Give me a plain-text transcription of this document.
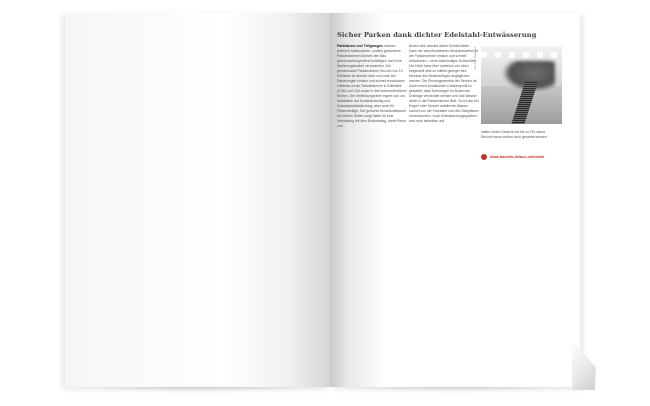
Sicher Parken dank dichter Edelstahl-Entwässerung

Parkhäuser und Tiefgaragen müssen jederzeit funktionieren; undicht gewordene Parkdeckrinnen können den Bau geschossübergreifend schädigen und hohe Sanierungskosten verursachen. Die gemeinsame Parkdeckrinne Securin von 10 Edelstahl ist absolut dicht und auch bei Sanierungen einfach und schnell einzubauen. Lieferbar ist die Parkdeckrinne in Edelstahl (CrNi) und V4A sowie in drei unterschiedlichen Breiten. Die Verbindungsrinne eignet sich zur Installation auf Kunstharzbelag und Gussasphaltabdichtung, aber auch für Fliesenbeläge. Der gelochte Anschlussflansch auf beiden Seiten sorgt dabei für eine Verkrallung mit dem Bodenbelag, damit Rinne und

Boden eine absolut dichte Einheit bilden. Dank der verschraubbaren Modulbauweise ist die Parkdeckrinne einfach und schnell einzubauen – ohne aufwendiges Schweißen. Die Höhe kann über stufenlos von oben eingestellt sind so mittels geringer des Niveaus des Bodenbelages angeglichen werden. Die Rinnengeometrie der Securin ist durch einen zusätzlichen Dreikantprofil so gestaltet, dass Dehnungen im Boden als Drainage verwendet werden und das Wasser direkt in die Parkdeckrinne läuft. So ist das bei Regen oder Schnee anfallende Wasser schnell von der Fahrbahn und den Stellplätzen verschwunden. Auch Entwässerungssysteme sind sehr belastbar und

Foto: ACO Passavant

halten einem Gewicht mit bis zu 25 t stand. Securin muss zudem nicht gewartet werden.

www.bauinfo.de/aco-edelstahl
